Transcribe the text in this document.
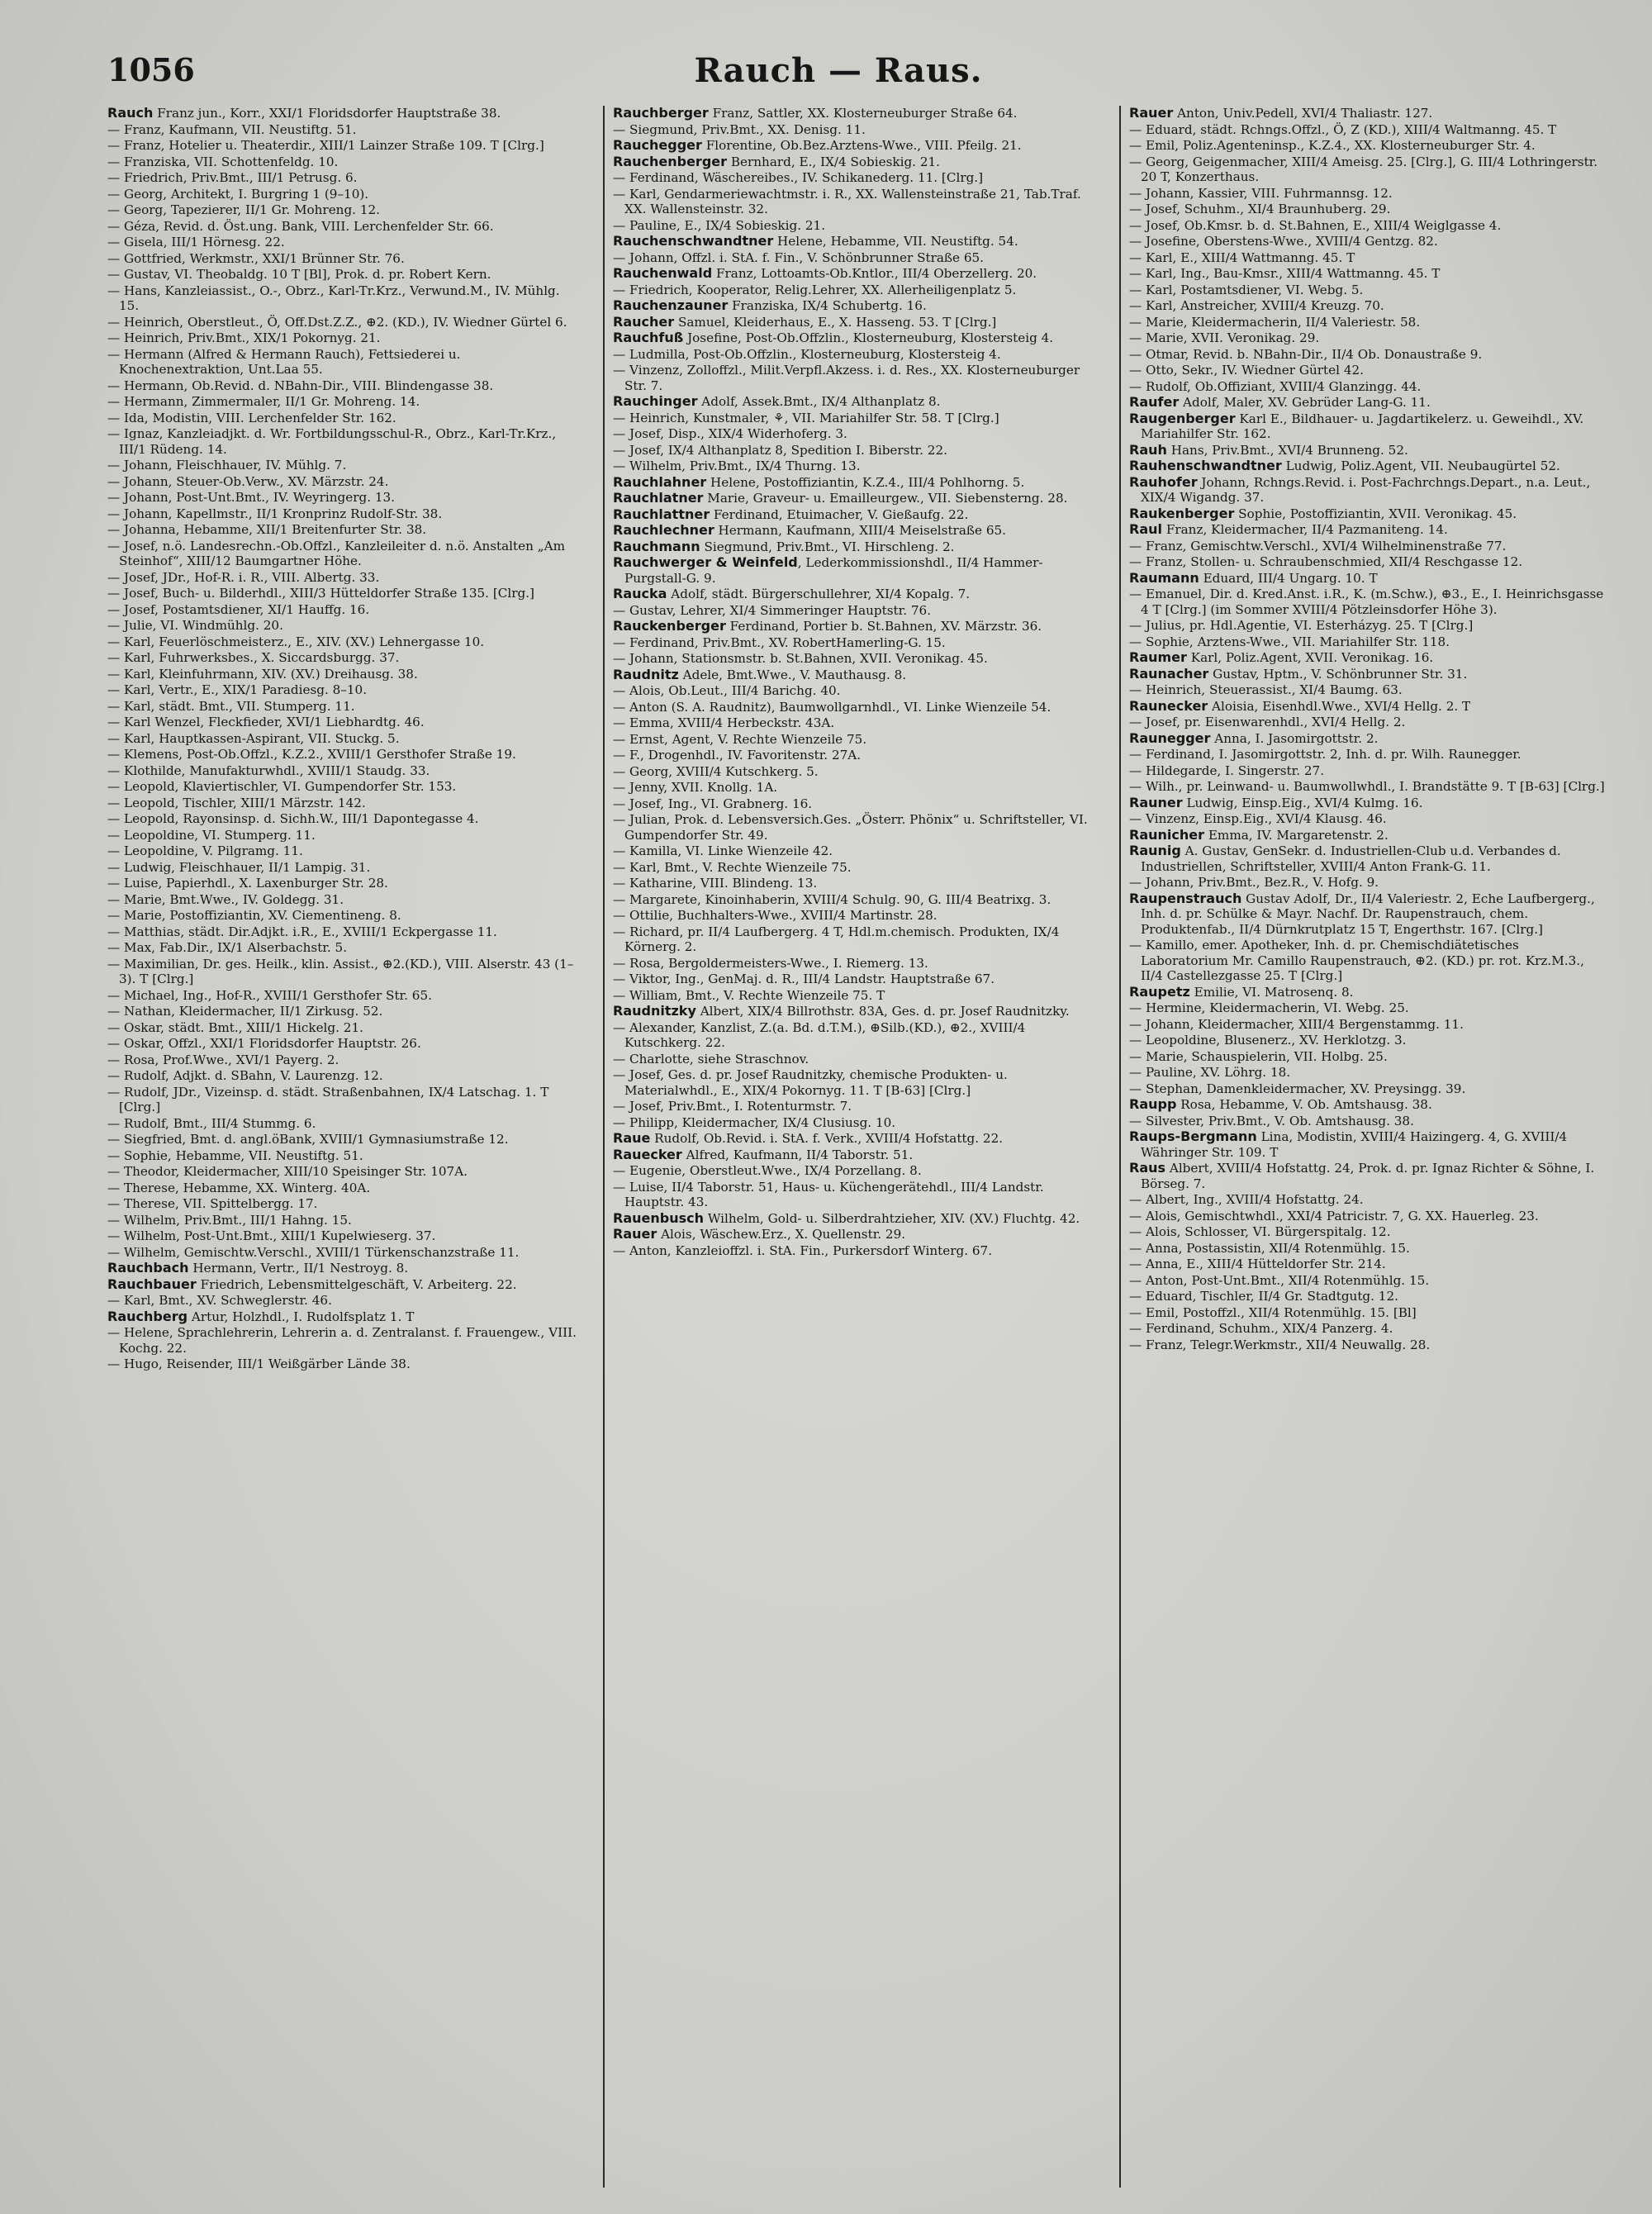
1056	Rauch — Raus.
Rauch Franz jun., Korr., XXI/1 Floridsdorfer Hauptstraße 38.
— Franz, Kaufmann, VII. Neustiftg. 51.
— Franz, Hotelier u. Theaterdir., XIII/1 Lainzer Straße 109. T [Clrg.]
— Franziska, VII. Schottenfeldg. 10.
— Friedrich, Priv.Bmt., III/1 Petrusg. 6.
— Georg, Architekt, I. Burgring 1 (9–10).
— Georg, Tapezierer, II/1 Gr. Mohreng. 12.
— Géza, Revid. d. Öst.ung. Bank, VIII. Lerchenfelder Str. 66.
— Gisela, III/1 Hörnesg. 22.
— Gottfried, Werkmstr., XXI/1 Brünner Str. 76.
— Gustav, VI. Theobaldg. 10 T [Bl], Prok. d. pr. Robert Kern.
— Hans, Kanzleiassist., O.-, Obrz., Karl-Tr.Krz., Verwund.M., IV. Mühlg. 15.
— Heinrich, Oberstleut., Ö, Off.Dst.Z.Z., ⊕2. (KD.), IV. Wiedner Gürtel 6.
— Heinrich, Priv.Bmt., XIX/1 Pokornyg. 21.
— Hermann (Alfred & Hermann Rauch), Fettsiederei u. Knochenextraktion, Unt.Laa 55.
— Hermann, Ob.Revid. d. NBahn-Dir., VIII. Blindengasse 38.
— Hermann, Zimmermaler, II/1 Gr. Mohreng. 14.
— Ida, Modistin, VIII. Lerchenfelder Str. 162.
— Ignaz, Kanzleiadjkt. d. Wr. Fortbildungsschul-R., Obrz., Karl-Tr.Krz., III/1 Rüdeng. 14.
— Johann, Fleischhauer, IV. Mühlg. 7.
— Johann, Steuer-Ob.Verw., XV. Märzstr. 24.
— Johann, Post-Unt.Bmt., IV. Weyringerg. 13.
— Johann, Kapellmstr., II/1 Kronprinz Rudolf-Str. 38.
— Johanna, Hebamme, XII/1 Breitenfurter Str. 38.
— Josef, n.ö. Landesrechn.-Ob.Offzl., Kanzleileiter d. n.ö. Anstalten „Am Steinhof“, XIII/12 Baumgartner Höhe.
— Josef, JDr., Hof-R. i. R., VIII. Albertg. 33.
— Josef, Buch- u. Bilderhdl., XIII/3 Hütteldorfer Straße 135. [Clrg.]
— Josef, Postamtsdiener, XI/1 Hauffg. 16.
— Julie, VI. Windmühlg. 20.
— Karl, Feuerlöschmeisterz., E., XIV. (XV.) Lehnergasse 10.
— Karl, Fuhrwerksbes., X. Siccardsburgg. 37.
— Karl, Kleinfuhrmann, XIV. (XV.) Dreihausg. 38.
— Karl, Vertr., E., XIX/1 Paradiesg. 8–10.
— Karl, städt. Bmt., VII. Stumperg. 11.
— Karl Wenzel, Fleckfieder, XVI/1 Liebhardtg. 46.
— Karl, Hauptkassen-Aspirant, VII. Stuckg. 5.
— Klemens, Post-Ob.Offzl., K.Z.2., XVIII/1 Gersthofer Straße 19.
— Klothilde, Manufakturwhdl., XVIII/1 Staudg. 33.
— Leopold, Klaviertischler, VI. Gumpendorfer Str. 153.
— Leopold, Tischler, XIII/1 Märzstr. 142.
— Leopold, Rayonsinsp. d. Sichh.W., III/1 Dapontegasse 4.
— Leopoldine, VI. Stumperg. 11.
— Leopoldine, V. Pilgramg. 11.
— Ludwig, Fleischhauer, II/1 Lampig. 31.
— Luise, Papierhdl., X. Laxenburger Str. 28.
— Marie, Bmt.Wwe., IV. Goldegg. 31.
— Marie, Postoffiziantin, XV. Ciementineng. 8.
— Matthias, städt. Dir.Adjkt. i.R., E., XVIII/1 Eckpergasse 11.
— Max, Fab.Dir., IX/1 Alserbachstr. 5.
— Maximilian, Dr. ges. Heilk., klin. Assist., ⊕2.(KD.), VIII. Alserstr. 43 (1–3). T [Clrg.]
— Michael, Ing., Hof-R., XVIII/1 Gersthofer Str. 65.
— Nathan, Kleidermacher, II/1 Zirkusg. 52.
— Oskar, städt. Bmt., XIII/1 Hickelg. 21.
— Oskar, Offzl., XXI/1 Floridsdorfer Hauptstr. 26.
— Rosa, Prof.Wwe., XVI/1 Payerg. 2.
— Rudolf, Adjkt. d. SBahn, V. Laurenzg. 12.
— Rudolf, JDr., Vizeinsp. d. städt. Straßenbahnen, IX/4 Latschag. 1. T [Clrg.]
— Rudolf, Bmt., III/4 Stummg. 6.
— Siegfried, Bmt. d. angl.öBank, XVIII/1 Gymnasiumstraße 12.
— Sophie, Hebamme, VII. Neustiftg. 51.
— Theodor, Kleidermacher, XIII/10 Speisinger Str. 107A.
— Therese, Hebamme, XX. Winterg. 40A.
— Therese, VII. Spittelbergg. 17.
— Wilhelm, Priv.Bmt., III/1 Hahng. 15.
— Wilhelm, Post-Unt.Bmt., XIII/1 Kupelwieserg. 37.
— Wilhelm, Gemischtw.Verschl., XVIII/1 Türkenschanzstraße 11.
Rauchbach Hermann, Vertr., II/1 Nestroyg. 8.
Rauchbauer Friedrich, Lebensmittelgeschäft, V. Arbeiterg. 22.
— Karl, Bmt., XV. Schweglerstr. 46.
Rauchberg Artur, Holzhdl., I. Rudolfsplatz 1. T
— Helene, Sprachlehrerin, Lehrerin a. d. Zentralanst. f. Frauengew., VIII. Kochg. 22.
— Hugo, Reisender, III/1 Weißgärber Lände 38.
Rauchberger Franz, Sattler, XX. Klosterneuburger Straße 64.
— Siegmund, Priv.Bmt., XX. Denisg. 11.
Rauchegger Florentine, Ob.Bez.Arztens-Wwe., VIII. Pfeilg. 21.
Rauchenberger Bernhard, E., IX/4 Sobieskig. 21.
— Ferdinand, Wäschereibes., IV. Schikanederg. 11. [Clrg.]
— Karl, Gendarmeriewachtmstr. i. R., XX. Wallensteinstraße 21, Tab.Traf. XX. Wallensteinstr. 32.
— Pauline, E., IX/4 Sobieskig. 21.
Rauchenschwandtner Helene, Hebamme, VII. Neustiftg. 54.
— Johann, Offzl. i. StA. f. Fin., V. Schönbrunner Straße 65.
Rauchenwald Franz, Lottoamts-Ob.Kntlor., III/4 Oberzellerg. 20.
— Friedrich, Kooperator, Relig.Lehrer, XX. Allerheiligenplatz 5.
Rauchenzauner Franziska, IX/4 Schubertg. 16.
Raucher Samuel, Kleiderhaus, E., X. Hasseng. 53. T [Clrg.]
Rauchfuß Josefine, Post-Ob.Offzlin., Klosterneuburg, Klostersteig 4.
— Ludmilla, Post-Ob.Offzlin., Klosterneuburg, Klostersteig 4.
— Vinzenz, Zolloffzl., Milit.Verpfl.Akzess. i. d. Res., XX. Klosterneuburger Str. 7.
Rauchinger Adolf, Assek.Bmt., IX/4 Althanplatz 8.
— Heinrich, Kunstmaler, ⚘, VII. Mariahilfer Str. 58. T [Clrg.]
— Josef, Disp., XIX/4 Widerhoferg. 3.
— Josef, IX/4 Althanplatz 8, Spedition I. Biberstr. 22.
— Wilhelm, Priv.Bmt., IX/4 Thurng. 13.
Rauchlahner Helene, Postoffiziantin, K.Z.4., III/4 Pohlhorng. 5.
Rauchlatner Marie, Graveur- u. Emailleurgew., VII. Siebensterng. 28.
Rauchlattner Ferdinand, Etuimacher, V. Gießaufg. 22.
Rauchlechner Hermann, Kaufmann, XIII/4 Meiselstraße 65.
Rauchmann Siegmund, Priv.Bmt., VI. Hirschleng. 2.
Rauchwerger & Weinfeld, Lederkommissionshdl., II/4 Hammer-Purgstall-G. 9.
Raucka Adolf, städt. Bürgerschullehrer, XI/4 Kopalg. 7.
— Gustav, Lehrer, XI/4 Simmeringer Hauptstr. 76.
Rauckenberger Ferdinand, Portier b. St.Bahnen, XV. Märzstr. 36.
— Ferdinand, Priv.Bmt., XV. RobertHamerling-G. 15.
— Johann, Stationsmstr. b. St.Bahnen, XVII. Veronikag. 45.
Raudnitz Adele, Bmt.Wwe., V. Mauthausg. 8.
— Alois, Ob.Leut., III/4 Barichg. 40.
— Anton (S. A. Raudnitz), Baumwollgarnhdl., VI. Linke Wienzeile 54.
— Emma, XVIII/4 Herbeckstr. 43A.
— Ernst, Agent, V. Rechte Wienzeile 75.
— F., Drogenhdl., IV. Favoritenstr. 27A.
— Georg, XVIII/4 Kutschkerg. 5.
— Jenny, XVII. Knollg. 1A.
— Josef, Ing., VI. Grabnerg. 16.
— Julian, Prok. d. Lebensversich.Ges. „Österr. Phönix“ u. Schriftsteller, VI. Gumpendorfer Str. 49.
— Kamilla, VI. Linke Wienzeile 42.
— Karl, Bmt., V. Rechte Wienzeile 75.
— Katharine, VIII. Blindeng. 13.
— Margarete, Kinoinhaberin, XVIII/4 Schulg. 90, G. III/4 Beatrixg. 3.
— Ottilie, Buchhalters-Wwe., XVIII/4 Martinstr. 28.
— Richard, pr. II/4 Laufbergerg. 4 T, Hdl.m.chemisch. Produkten, IX/4 Körnerg. 2.
— Rosa, Bergoldermeisters-Wwe., I. Riemerg. 13.
— Viktor, Ing., GenMaj. d. R., III/4 Landstr. Hauptstraße 67.
— William, Bmt., V. Rechte Wienzeile 75. T
Raudnitzky Albert, XIX/4 Billrothstr. 83A, Ges. d. pr. Josef Raudnitzky.
— Alexander, Kanzlist, Z.(a. Bd. d.T.M.), ⊕Silb.(KD.), ⊕2., XVIII/4 Kutschkerg. 22.
— Charlotte, siehe Straschnov.
— Josef, Ges. d. pr. Josef Raudnitzky, chemische Produkten- u. Materialwhdl., E., XIX/4 Pokornyg. 11. T [B-63] [Clrg.]
— Josef, Priv.Bmt., I. Rotenturmstr. 7.
— Philipp, Kleidermacher, IX/4 Clusiusg. 10.
Raue Rudolf, Ob.Revid. i. StA. f. Verk., XVIII/4 Hofstattg. 22.
Rauecker Alfred, Kaufmann, II/4 Taborstr. 51.
— Eugenie, Oberstleut.Wwe., IX/4 Porzellang. 8.
— Luise, II/4 Taborstr. 51, Haus- u. Küchengerätehdl., III/4 Landstr. Hauptstr. 43.
Rauenbusch Wilhelm, Gold- u. Silberdrahtzieher, XIV. (XV.) Fluchtg. 42.
Rauer Alois, Wäschew.Erz., X. Quellenstr. 29.
— Anton, Kanzleioffzl. i. StA. Fin., Purkersdorf Winterg. 67.
Rauer Anton, Univ.Pedell, XVI/4 Thaliastr. 127.
— Eduard, städt. Rchngs.Offzl., Ö, Z (KD.), XIII/4 Waltmanng. 45. T
— Emil, Poliz.Agenteninsp., K.Z.4., XX. Klosterneuburger Str. 4.
— Georg, Geigenmacher, XIII/4 Ameisg. 25. [Clrg.], G. III/4 Lothringerstr. 20 T, Konzerthaus.
— Johann, Kassier, VIII. Fuhrmannsg. 12.
— Josef, Schuhm., XI/4 Braunhuberg. 29.
— Josef, Ob.Kmsr. b. d. St.Bahnen, E., XIII/4 Weiglgasse 4.
— Josefine, Oberstens-Wwe., XVIII/4 Gentzg. 82.
— Karl, E., XIII/4 Wattmanng. 45. T
— Karl, Ing., Bau-Kmsr., XIII/4 Wattmanng. 45. T
— Karl, Postamtsdiener, VI. Webg. 5.
— Karl, Anstreicher, XVIII/4 Kreuzg. 70.
— Marie, Kleidermacherin, II/4 Valeriestr. 58.
— Marie, XVII. Veronikag. 29.
— Otmar, Revid. b. NBahn-Dir., II/4 Ob. Donaustraße 9.
— Otto, Sekr., IV. Wiedner Gürtel 42.
— Rudolf, Ob.Offiziant, XVIII/4 Glanzingg. 44.
Raufer Adolf, Maler, XV. Gebrüder Lang-G. 11.
Raugenberger Karl E., Bildhauer- u. Jagdartikelerz. u. Geweihdl., XV. Mariahilfer Str. 162.
Rauh Hans, Priv.Bmt., XVI/4 Brunneng. 52.
Rauhenschwandtner Ludwig, Poliz.Agent, VII. Neubaugürtel 52.
Rauhofer Johann, Rchngs.Revid. i. Post-Fachrchngs.Depart., n.a. Leut., XIX/4 Wigandg. 37.
Raukenberger Sophie, Postoffiziantin, XVII. Veronikag. 45.
Raul Franz, Kleidermacher, II/4 Pazmaniteng. 14.
— Franz, Gemischtw.Verschl., XVI/4 Wilhelminenstraße 77.
— Franz, Stollen- u. Schraubenschmied, XII/4 Reschgasse 12.
Raumann Eduard, III/4 Ungarg. 10. T
— Emanuel, Dir. d. Kred.Anst. i.R., K. (m.Schw.), ⊕3., E., I. Heinrichsgasse 4 T [Clrg.] (im Sommer XVIII/4 Pötzleinsdorfer Höhe 3).
— Julius, pr. Hdl.Agentie, VI. Esterházyg. 25. T [Clrg.]
— Sophie, Arztens-Wwe., VII. Mariahilfer Str. 118.
Raumer Karl, Poliz.Agent, XVII. Veronikag. 16.
Raunacher Gustav, Hptm., V. Schönbrunner Str. 31.
— Heinrich, Steuerassist., XI/4 Baumg. 63.
Raunecker Aloisia, Eisenhdl.Wwe., XVI/4 Hellg. 2. T
— Josef, pr. Eisenwarenhdl., XVI/4 Hellg. 2.
Raunegger Anna, I. Jasomirgottstr. 2.
— Ferdinand, I. Jasomirgottstr. 2, Inh. d. pr. Wilh. Raunegger.
— Hildegarde, I. Singerstr. 27.
— Wilh., pr. Leinwand- u. Baumwollwhdl., I. Brandstätte 9. T [B-63] [Clrg.]
Rauner Ludwig, Einsp.Eig., XVI/4 Kulmg. 16.
— Vinzenz, Einsp.Eig., XVI/4 Klausg. 46.
Raunicher Emma, IV. Margaretenstr. 2.
Raunig A. Gustav, GenSekr. d. Industriellen-Club u.d. Verbandes d. Industriellen, Schriftsteller, XVIII/4 Anton Frank-G. 11.
— Johann, Priv.Bmt., Bez.R., V. Hofg. 9.
Raupenstrauch Gustav Adolf, Dr., II/4 Valeriestr. 2, Eche Laufbergerg., Inh. d. pr. Schülke & Mayr. Nachf. Dr. Raupenstrauch, chem. Produktenfab., II/4 Dürnkrutplatz 15 T, Engerthstr. 167. [Clrg.]
— Kamillo, emer. Apotheker, Inh. d. pr. Chemischdiätetisches Laboratorium Mr. Camillo Raupenstrauch, ⊕2. (KD.) pr. rot. Krz.M.3., II/4 Castellezgasse 25. T [Clrg.]
Raupetz Emilie, VI. Matrosenq. 8.
— Hermine, Kleidermacherin, VI. Webg. 25.
— Johann, Kleidermacher, XIII/4 Bergenstammg. 11.
— Leopoldine, Blusenerz., XV. Herklotzg. 3.
— Marie, Schauspielerin, VII. Holbg. 25.
— Pauline, XV. Löhrg. 18.
— Stephan, Damenkleidermacher, XV. Preysingg. 39.
Raupp Rosa, Hebamme, V. Ob. Amtshausg. 38.
— Silvester, Priv.Bmt., V. Ob. Amtshausg. 38.
Raups-Bergmann Lina, Modistin, XVIII/4 Haizingerg. 4, G. XVIII/4 Währinger Str. 109. T
Raus Albert, XVIII/4 Hofstattg. 24, Prok. d. pr. Ignaz Richter & Söhne, I. Börseg. 7.
— Albert, Ing., XVIII/4 Hofstattg. 24.
— Alois, Gemischtwhdl., XXI/4 Patricistr. 7, G. XX. Hauerleg. 23.
— Alois, Schlosser, VI. Bürgerspitalg. 12.
— Anna, Postassistin, XII/4 Rotenmühlg. 15.
— Anna, E., XIII/4 Hütteldorfer Str. 214.
— Anton, Post-Unt.Bmt., XII/4 Rotenmühlg. 15.
— Eduard, Tischler, II/4 Gr. Stadtgutg. 12.
— Emil, Postoffzl., XII/4 Rotenmühlg. 15. [Bl]
— Ferdinand, Schuhm., XIX/4 Panzerg. 4.
— Franz, Telegr.Werkmstr., XII/4 Neuwallg. 28.
